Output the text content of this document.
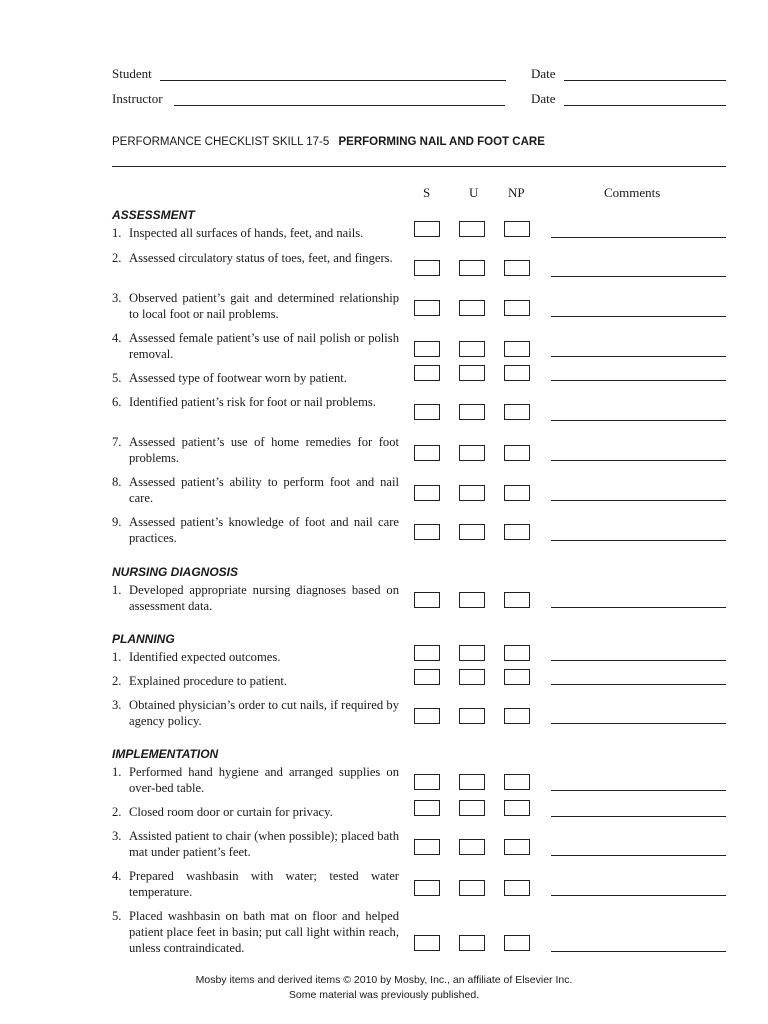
Student	Date
Instructor	Date
PERFORMANCE CHECKLIST SKILL 17-5 PERFORMING NAIL AND FOOT CARE
S	U NP	Comments
ASSESSMENT
1. Inspected all surfaces of hands, feet, and nails.
2. Assessed circulatory status of toes, feet, and fingers.
3. Observed patient’s gait and determined relationship to local foot or nail problems.
4. Assessed female patient’s use of nail polish or polish removal.
5. Assessed type of footwear worn by patient.
6. Identified patient’s risk for foot or nail problems.
7. Assessed patient’s use of home remedies for foot problems.
8. Assessed patient’s ability to perform foot and nail care.
9. Assessed patient’s knowledge of foot and nail care practices.
NURSING DIAGNOSIS
1. Developed appropriate nursing diagnoses based on assessment data.
PLANNING
1. Identified expected outcomes.
2. Explained procedure to patient.
3. Obtained physician’s order to cut nails, if required by agency policy.
IMPLEMENTATION
1. Performed hand hygiene and arranged supplies on over-bed table.
2. Closed room door or curtain for privacy.
3. Assisted patient to chair (when possible); placed bath mat under patient’s feet.
4. Prepared washbasin with water; tested water temperature.
5. Placed washbasin on bath mat on floor and helped patient place feet in basin; put call light within reach, unless contraindicated.
Mosby items and derived items © 2010 by Mosby, Inc., an affiliate of Elsevier Inc.
Some material was previously published.
